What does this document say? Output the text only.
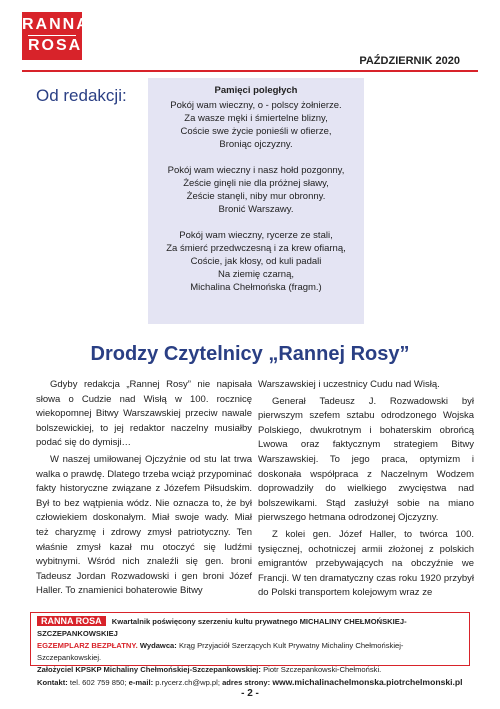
RANNA
ROSA
PAŹDZIERNIK 2020
Od redakcji:	Pamięci poległych
Pokój wam wieczny, o - polscy żołnierze.
Za wasze męki i śmiertelne blizny,
Coście swe życie ponieśli w ofierze,
Broniąc ojczyzny.
Pokój wam wieczny i nasz hołd pozgonny,
Żeście ginęli nie dla próżnej sławy,
Żeście stanęli, niby mur obronny.
Bronić Warszawy.
Pokój wam wieczny, rycerze ze stali,
Za śmierć przedwczesną i za krew ofiarną,
Coście, jak kłosy, od kuli padali
Na ziemię czarną,
Michalina Chełmońska (fragm.)
Drodzy Czytelnicy „Rannej Rosy”

Gdyby redakcja „Rannej Rosy” nie napisała słowa o Cudzie nad Wisłą w 100. rocznicę wiekopomnej Bitwy Warszawskiej przeciw nawale bolszewickiej, to jej redaktor naczelny musiałby podać się do dymisji…

W naszej umiłowanej Ojczyźnie od stu lat trwa walka o prawdę. Dlatego trzeba wciąż przypominać fakty historyczne związane z Józefem Piłsudskim. Był to bez wątpienia wódz. Nie oznacza to, że był człowiekiem doskonałym. Miał swoje wady. Miał też charyzmę i zdrowy zmysł patriotyczny. Ten właśnie zmysł kazał mu otoczyć się ludźmi wybitnymi. Wśród nich znaleźli się gen. broni Tadeusz Jordan Rozwadowski i gen broni Józef Haller. To znamienici bohaterowie Bitwy

Warszawskiej i uczestnicy Cudu nad Wisłą.

Generał Tadeusz J. Rozwadowski był pierwszym szefem sztabu odrodzonego Wojska Polskiego, dwukrotnym i bohaterskim obrońcą Lwowa oraz faktycznym strategiem Bitwy Warszawskiej. To jego praca, optymizm i doskonała współpraca z Naczelnym Wodzem doprowadziły do wielkiego zwycięstwa nad bolszewikami. Stąd zasłużył sobie na miano pierwszego hetmana odrodzonej Ojczyzny.

Z kolei gen. Józef Haller, to twórca 100. tysięcznej, ochotniczej armii złożonej z polskich emigrantów przebywających na obczyźnie we Francji. W ten dramatyczny czas roku 1920 przybył do Polski transportem kolejowym wraz ze

RANNA ROSA Kwartalnik poświęcony szerzeniu kultu prywatnego MICHALINY CHEŁMOŃSKIEJ-SZCZEPANKOWSKIEJ
EGZEMPLARZ BEZPŁATNY. Wydawca: Krąg Przyjaciół Szerzących Kult Prywatny Michaliny Chełmońskiej-Szczepankowskiej.
Założyciel KPSKP Michaliny Chełmońskiej-Szczepankowskiej: Piotr Szczepankowski-Chełmoński.
Kontakt: tel. 602 759 850; e-mail: p.rycerz.ch@wp.pl; adres strony: www.michalinachelmonska.piotrchelmonski.pl
- 2 -
